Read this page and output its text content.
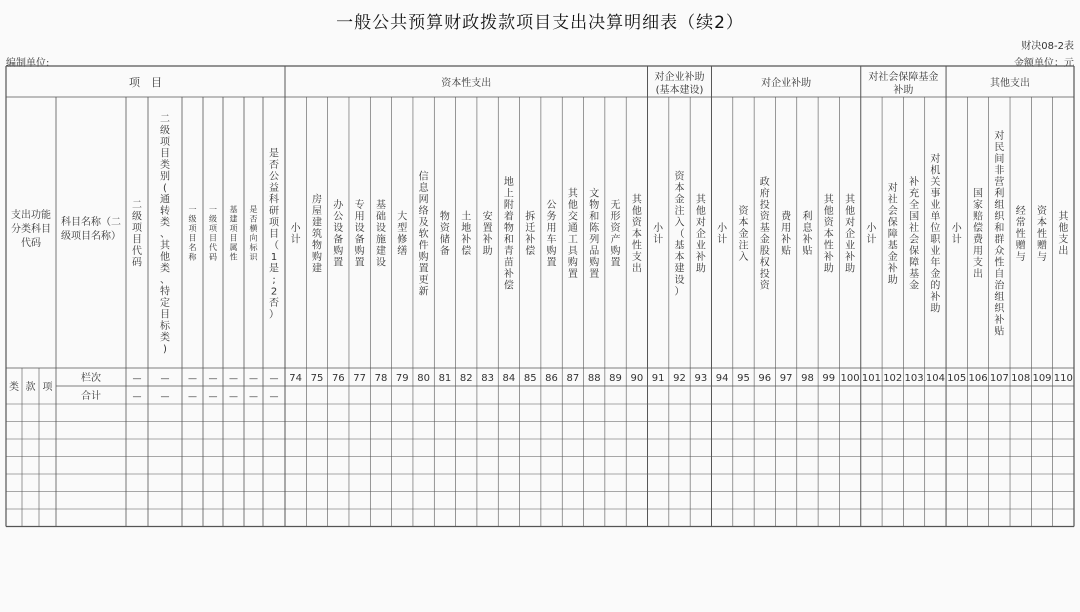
一般公共预算财政拨款项目支出决算明细表（续2）
财决08-2表
编制单位:	金额单位：元
项　目	资本性支出
对企业补助
(基本建设)
对企业补助
对社会保障基金
补助
其他支出
支出功能
分类科目
代码
科目名称（二
级项目名称）
二级项目代码
二级项目类别(通转类、其他类、特定目标类)
一级项目名称
一级项目代码
基建项目属性
是否横向标识
是否公益科研项目（ 1 是; 2 否）
小计
房屋建筑物购建
办公设备购置
专用设备购置
基础设施建设
大型修缮
信息网络及软件购置更新
物资储备
土地补偿
安置补助
地上附着物和青苗补偿
拆迁补偿
公务用车购置
其他交通工具购置
文物和陈列品购置
无形资产购置
其他资本性支出
小计
资本金注入（基本建设）
其他对企业补助
小计
资本金注入
政府投资基金股权投资
费用补贴
利息补贴
其他资本性补助
其他对企业补助
小计
对社会保障基金补助
补充全国社会保障基金
对机关事业单位职业年金的补助
小计
国家赔偿费用支出
对民间非营利组织和群众性自治组织补贴
经常性赠与
资本性赠与
其他支出
74 75 76 77 78 79 80 81 82 83 84 85 86 87 88 89 90 91 92 93 94 95 96 97 98 99 100 101 102 103 104 105 106 107 108 109 110
类 款 项
栏次
合计
—
—
—
—
—
—
—
—
—
—
—
—
—
—
